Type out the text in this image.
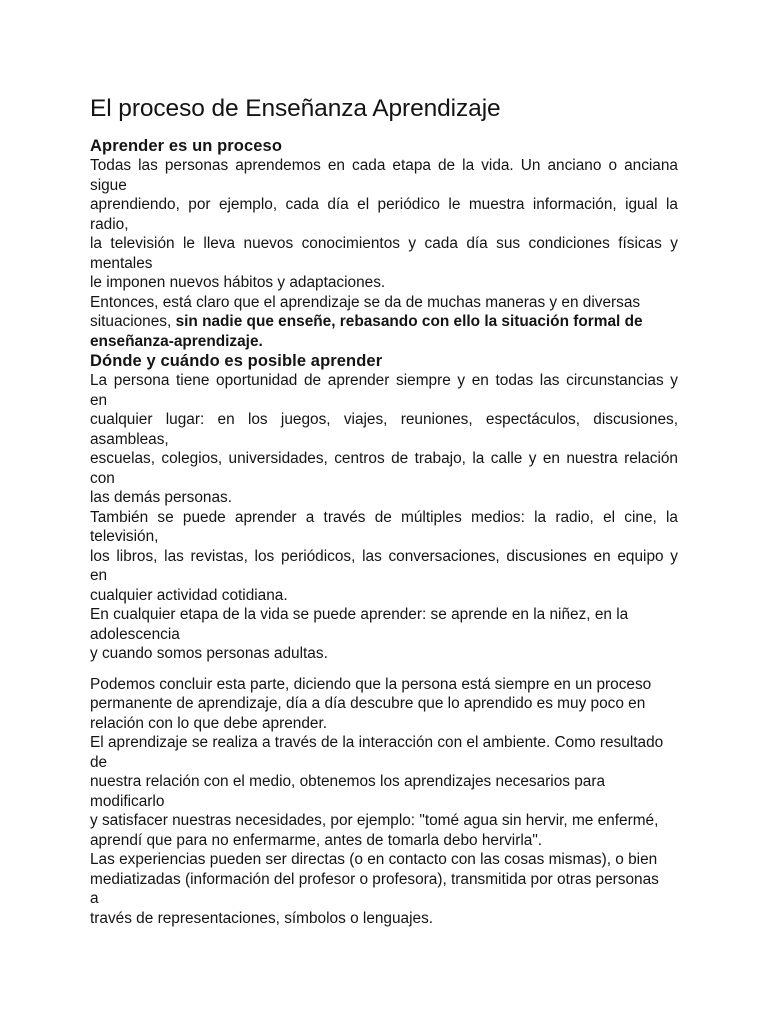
El proceso de Enseñanza Aprendizaje
Aprender es un proceso

Todas las personas aprendemos en cada etapa de la vida. Un anciano o anciana

sigue

aprendiendo, por ejemplo, cada día el periódico le muestra información, igual la

radio,

la televisión le lleva nuevos conocimientos y cada día sus condiciones físicas y

mentales

le imponen nuevos hábitos y adaptaciones.

Entonces, está claro que el aprendizaje se da de muchas maneras y en diversas

situaciones, sin nadie que enseñe, rebasando con ello la situación formal de

enseñanza-aprendizaje.

Dónde y cuándo es posible aprender

La persona tiene oportunidad de aprender siempre y en todas las circunstancias y

en

cualquier lugar: en los juegos, viajes, reuniones, espectáculos, discusiones,

asambleas,

escuelas, colegios, universidades, centros de trabajo, la calle y en nuestra relación

con

las demás personas.

También se puede aprender a través de múltiples medios: la radio, el cine, la

televisión,

los libros, las revistas, los periódicos, las conversaciones, discusiones en equipo y

en

cualquier actividad cotidiana.

En cualquier etapa de la vida se puede aprender: se aprende en la niñez, en la

adolescencia

y cuando somos personas adultas.

Podemos concluir esta parte, diciendo que la persona está siempre en un proceso

permanente de aprendizaje, día a día descubre que lo aprendido es muy poco en

relación con lo que debe aprender.

El aprendizaje se realiza a través de la interacción con el ambiente. Como resultado

de

nuestra relación con el medio, obtenemos los aprendizajes necesarios para

modificarlo

y satisfacer nuestras necesidades, por ejemplo: "tomé agua sin hervir, me enfermé,

aprendí que para no enfermarme, antes de tomarla debo hervirla".

Las experiencias pueden ser directas (o en contacto con las cosas mismas), o bien

mediatizadas (información del profesor o profesora), transmitida por otras personas

a

través de representaciones, símbolos o lenguajes.
